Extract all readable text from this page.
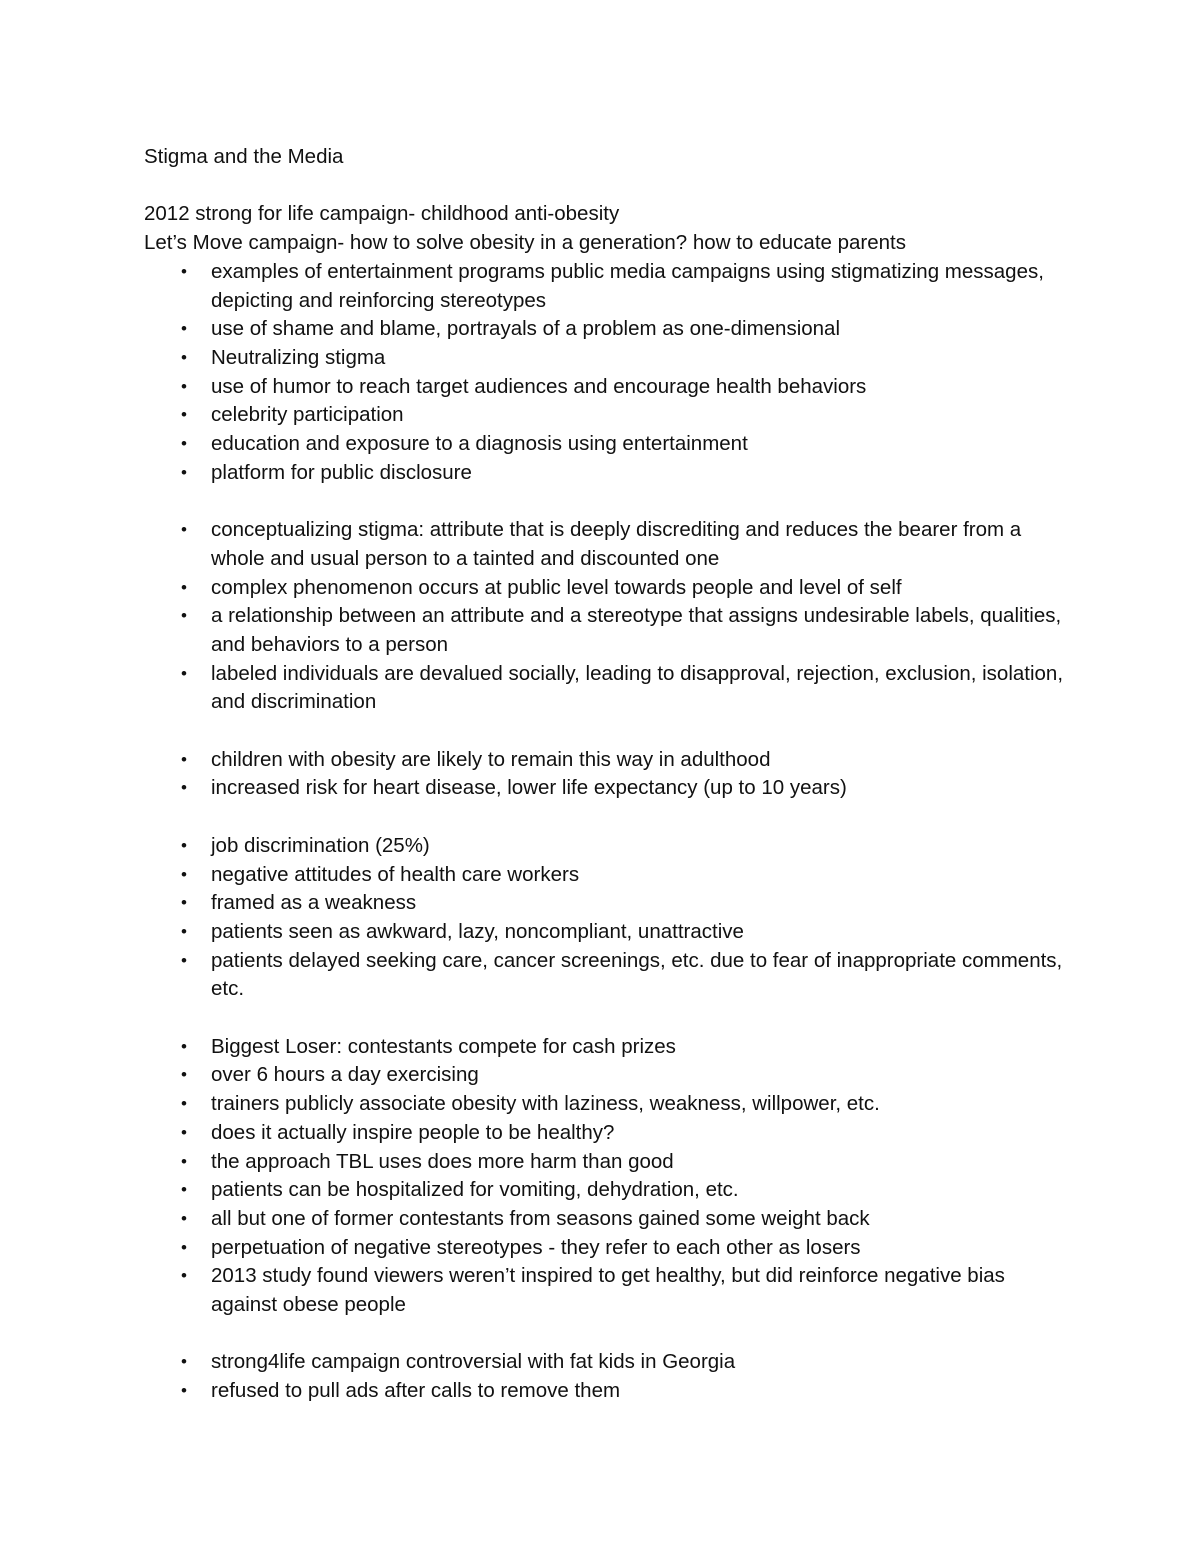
Stigma and the Media

2012 strong for life campaign- childhood anti-obesity

Let’s Move campaign- how to solve obesity in a generation? how to educate parents

•	examples of entertainment programs public media campaigns using stigmatizing messages, depicting and reinforcing stereotypes
•	use of shame and blame, portrayals of a problem as one-dimensional
•	Neutralizing stigma
•	use of humor to reach target audiences and encourage health behaviors
•	celebrity participation
•	education and exposure to a diagnosis using entertainment
•	platform for public disclosure
•	conceptualizing stigma: attribute that is deeply discrediting and reduces the bearer from a whole and usual person to a tainted and discounted one
•	complex phenomenon occurs at public level towards people and level of self
•	a relationship between an attribute and a stereotype that assigns undesirable labels, qualities, and behaviors to a person
•	labeled individuals are devalued socially, leading to disapproval, rejection, exclusion, isolation, and discrimination
•	children with obesity are likely to remain this way in adulthood
•	increased risk for heart disease, lower life expectancy (up to 10 years)
•	job discrimination (25%)
•	negative attitudes of health care workers
•	framed as a weakness
•	patients seen as awkward, lazy, noncompliant, unattractive
•	patients delayed seeking care, cancer screenings, etc. due to fear of inappropriate comments, etc.
•	Biggest Loser: contestants compete for cash prizes
•	over 6 hours a day exercising
•	trainers publicly associate obesity with laziness, weakness, willpower, etc.
•	does it actually inspire people to be healthy?
•	the approach TBL uses does more harm than good
•	patients can be hospitalized for vomiting, dehydration, etc.
•	all but one of former contestants from seasons gained some weight back
•	perpetuation of negative stereotypes - they refer to each other as losers
•	2013 study found viewers weren’t inspired to get healthy, but did reinforce negative bias against obese people
•	strong4life campaign controversial with fat kids in Georgia
•	refused to pull ads after calls to remove them
